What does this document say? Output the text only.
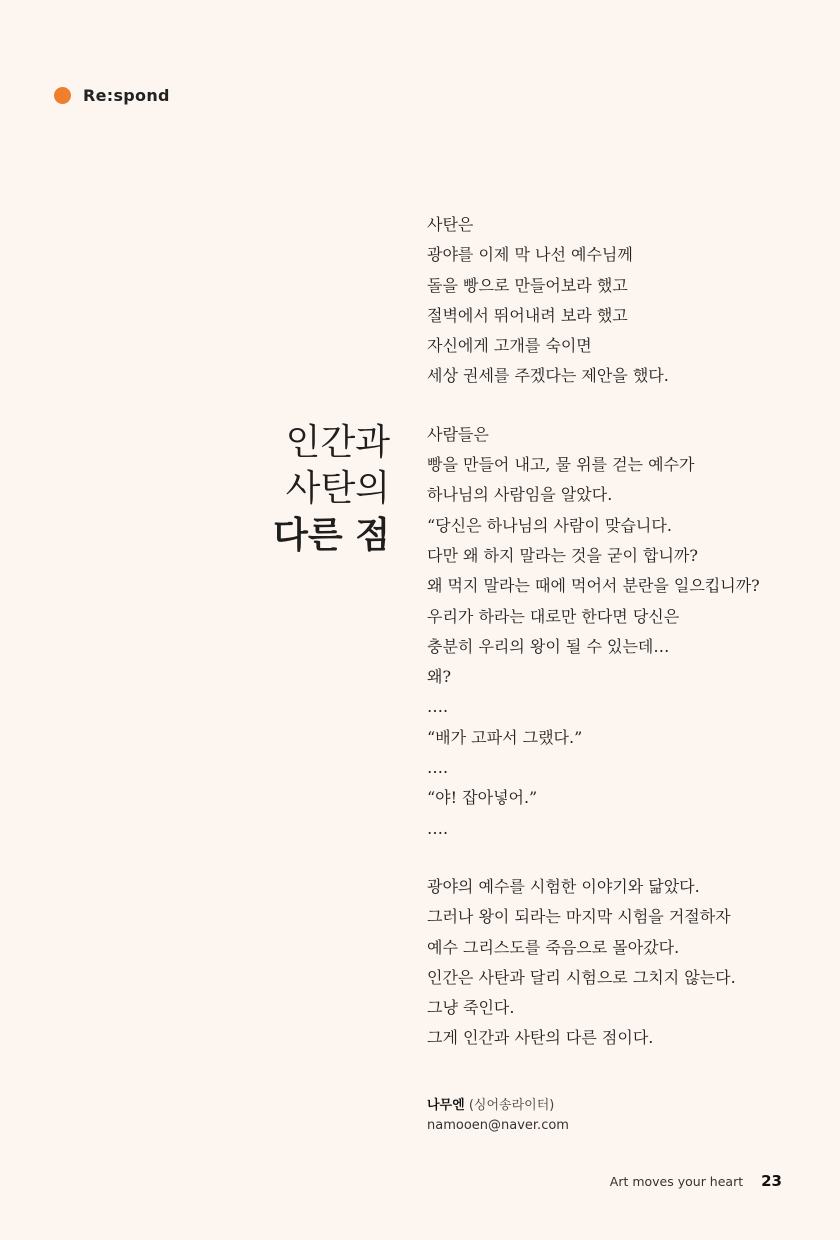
Re:spond
인간과
사탄의
다른 점
사탄은
광야를 이제 막 나선 예수님께
돌을 빵으로 만들어보라 했고
절벽에서 뛰어내려 보라 했고
자신에게 고개를 숙이면
세상 권세를 주겠다는 제안을 했다.
사람들은
빵을 만들어 내고, 물 위를 걷는 예수가
하나님의 사람임을 알았다.
“당신은 하나님의 사람이 맞습니다.
다만 왜 하지 말라는 것을 굳이 합니까?
왜 먹지 말라는 때에 먹어서 분란을 일으킵니까?
우리가 하라는 대로만 한다면 당신은
충분히 우리의 왕이 될 수 있는데…
왜?
….
“배가 고파서 그랬다.”
….
“야! 잡아넣어.”
….
광야의 예수를 시험한 이야기와 닮았다.
그러나 왕이 되라는 마지막 시험을 거절하자
예수 그리스도를 죽음으로 몰아갔다.
인간은 사탄과 달리 시험으로 그치지 않는다.
그냥 죽인다.
그게 인간과 사탄의 다른 점이다.
나무엔 (싱어송라이터)
namooen@naver.com
Art moves your heart 23
